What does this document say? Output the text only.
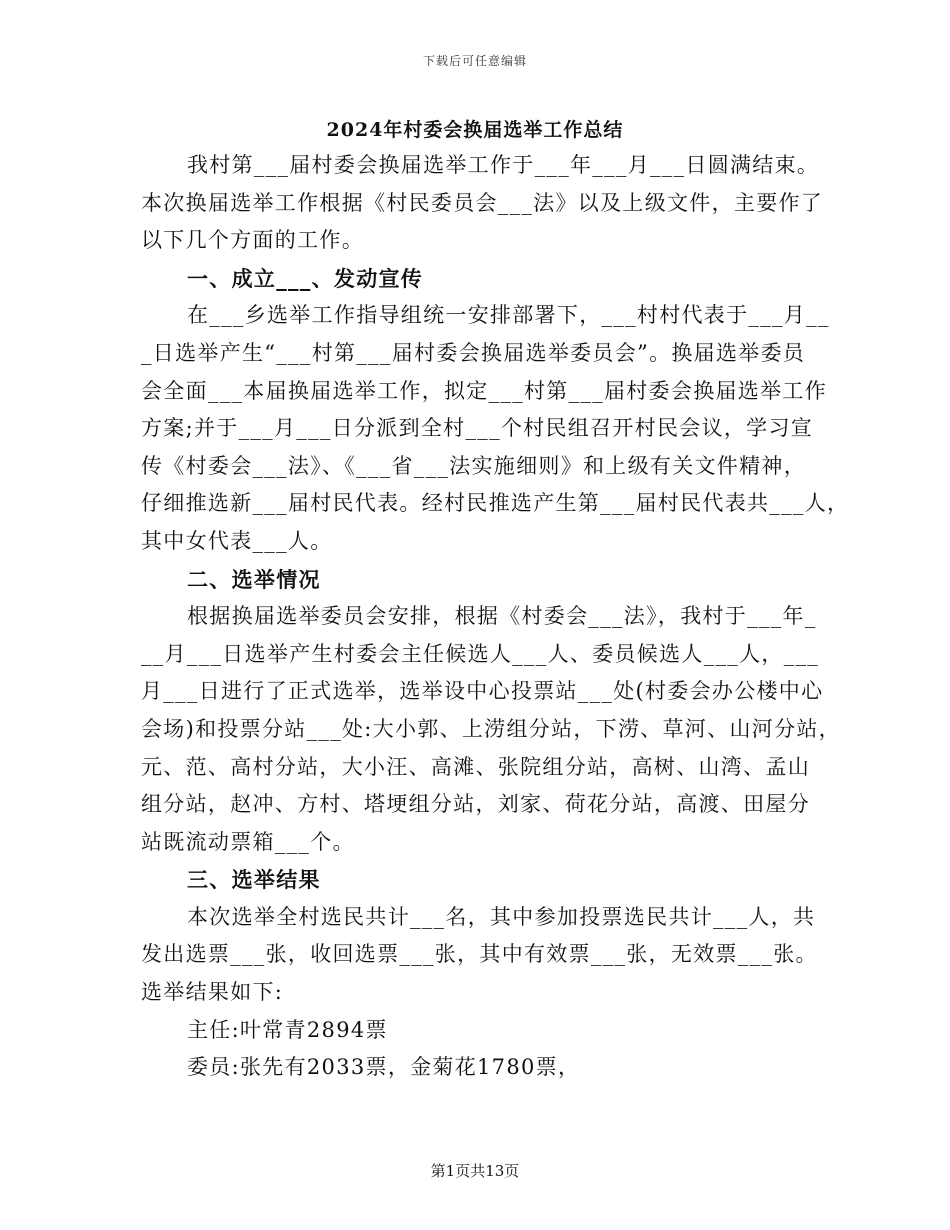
下载后可任意编辑
2024年村委会换届选举工作总结
我村第___届村委会换届选举工作于___年___月___日圆满结束。
本次换届选举工作根据《村民委员会___法》以及上级文件，主要作了
以下几个方面的工作。
一、成立___、发动宣传
在___乡选举工作指导组统一安排部署下，___村村代表于___月__
_日选举产生“___村第___届村委会换届选举委员会”。换届选举委员
会全面___本届换届选举工作，拟定___村第___届村委会换届选举工作
方案;并于___月___日分派到全村___个村民组召开村民会议，学习宣
传《村委会___法》、《___省___法实施细则》和上级有关文件精神，
仔细推选新___届村民代表。经村民推选产生第___届村民代表共___人，
其中女代表___人。
二、选举情况
根据换届选举委员会安排，根据《村委会___法》，我村于___年_
__月___日选举产生村委会主任候选人___人、委员候选人___人，___
月___日进行了正式选举，选举设中心投票站___处(村委会办公楼中心
会场)和投票分站___处:大小郭、上涝组分站，下涝、草河、山河分站，
元、范、高村分站，大小汪、高滩、张院组分站，高树、山湾、孟山
组分站，赵冲、方村、塔埂组分站，刘家、荷花分站，高渡、田屋分
站既流动票箱___个。
三、选举结果
本次选举全村选民共计___名，其中参加投票选民共计___人，共
发出选票___张，收回选票___张，其中有效票___张，无效票___张。
选举结果如下:
主任:叶常青2894票
委员:张先有2033票，金菊花1780票，
第1页共13页
